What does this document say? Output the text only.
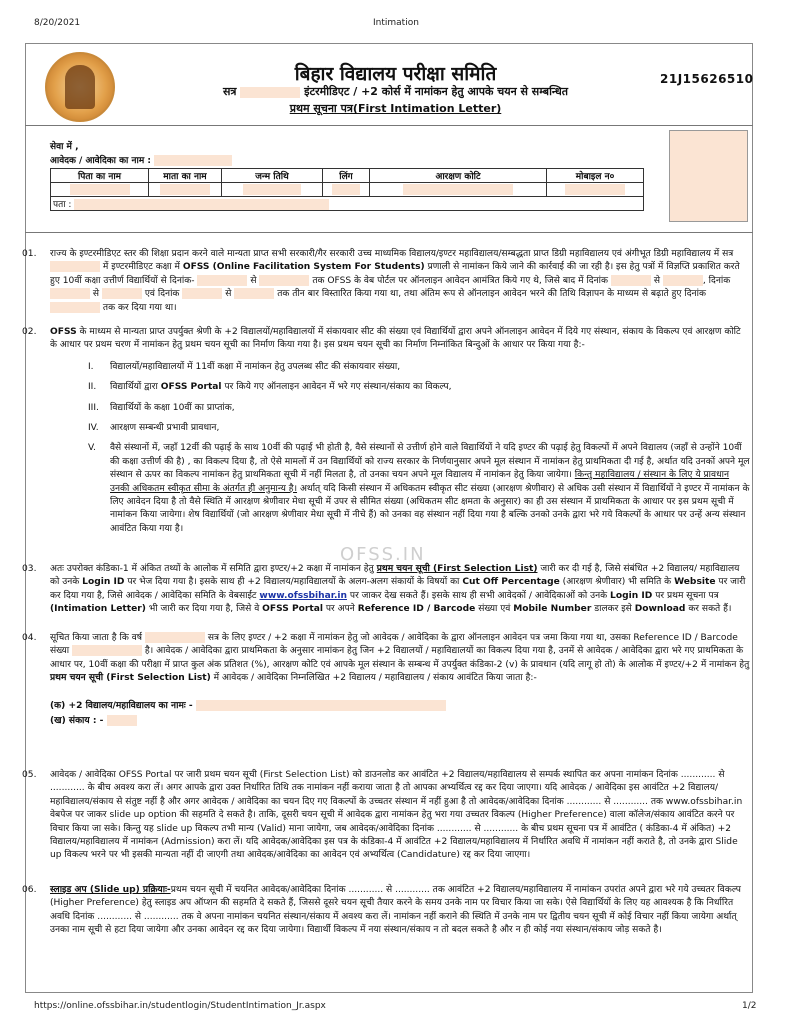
8/20/2021	Intimation
बिहार विद्यालय परीक्षा समिति
सत्र	इंटरमीडिएट / +2 कोर्स में नामांकन हेतु आपके चयन से सम्बन्धित
प्रथम सूचना पत्र(First Intimation Letter)
21J15626510
सेवा में ,
आवेदक / आवेदिका का नाम :
पिता का नाम	माता का नाम	जन्म तिथि	लिंग	आरक्षण कोटि	मोबाइल न०

पता :					
01. राज्य के इण्टरमीडिएट स्तर की शिक्षा प्रदान करने वाले मान्यता प्राप्त सभी सरकारी/गैर सरकारी उच्च माध्यमिक विद्यालय/इण्टर महाविद्यालय/सम्बद्धता प्राप्त डिग्री महाविद्यालय एवं अंगीभूत डिग्री महाविद्यालय में सत्र  में इण्टरमीडिएट कक्षा में OFSS (Online Facilitation System For Students) प्रणाली से नामांकन किये जाने की कार्रवाई की जा रही है। इस हेतु पत्रों में विज्ञप्ति प्रकाशित करते हुए 10वीं कक्षा उत्तीर्ण विद्यार्थियों से दिनांक-	से	तक OFSS के वेब पोर्टल पर ऑनलाइन आवेदन आमंत्रित किये गए थे, जिसे बाद में दिनांक	से	, दिनांक  से	एवं दिनांक	से	तक तीन बार विस्तारित किया गया था, तथा अंतिम रूप से ऑनलाइन आवेदन भरने की तिथि विज्ञापन के माध्यम से बढ़ाते हुए दिनांक  तक कर दिया गया था।
02. OFSS के माध्यम से मान्यता प्राप्त उपर्युक्त श्रेणी के +2 विद्यालयों/महाविद्यालयों में संकायवार सीट की संख्या एवं विद्यार्थियों द्वारा अपने ऑनलाइन आवेदन में दिये गए संस्थान, संकाय के विकल्प एवं आरक्षण कोटि के आधार पर प्रथम चरण में नामांकन हेतु प्रथम चयन सूची का निर्माण किया गया है। इस प्रथम चयन सूची का निर्माण निम्नांकित बिन्दुओं के आधार पर किया गया है:-
I. विद्यालयों/महाविद्यालयों में 11वीं कक्षा में नामांकन हेतु उपलब्ध सीट की संकायवार संख्या,
II. विद्यार्थियों द्वारा OFSS Portal पर किये गए ऑनलाइन आवेदन में भरे गए संस्थान/संकाय का विकल्प,
III. विद्यार्थियों के कक्षा 10वीं का प्राप्तांक,
IV. आरक्षण सम्बन्धी प्रभावी प्रावधान,
V. वैसे संस्थानों में, जहाँ 12वीं की पढ़ाई के साथ 10वीं की पढ़ाई भी होती है, वैसे संस्थानों से उत्तीर्ण होने वाले विद्यार्थियों ने यदि इण्टर की पढ़ाई हेतु विकल्पों में अपने विद्यालय (जहाँ से उन्होंने 10वीं की कक्षा उत्तीर्ण की है) , का विकल्प दिया है, तो ऐसे मामलों में उन विद्यार्थियों को राज्य सरकार के निर्णयानुसार अपने मूल संस्थान में नामांकन हेतु प्राथमिकता दी गई है, अर्थात यदि उनकों अपने मूल संस्थान से ऊपर का विकल्प नामांकन हेतु प्राथमिकता सूची में नहीं मिलता है, तो उनका चयन अपने मूल विद्यालय में नामांकन हेतु किया जायेगा। किन्तु महाविद्यालय / संस्थान के लिए ये प्रावधान उनकी अधिकतम स्वीकृत सीमा के अंतर्गत ही अनुमान्य है। अर्थात् यदि किसी संस्थान में अधिकतम स्वीकृत सीट संख्या (आरक्षण श्रेणीवार) से अधिक उसी संस्थान में विद्यार्थियों ने इण्टर में नामांकन के लिए आवेदन दिया है तो वैसे स्थिति में आरक्षण श्रेणीवार मेधा सूची में उपर से सीमित संख्या (अधिकतम सीट क्षमता के अनुसार) का ही उस संस्थान में प्राथमिकता के आधार पर इस प्रथम सूची में नामांकन किया जायेगा। शेष विद्यार्थियों (जो आरक्षण श्रेणीवार मेधा सूची में नीचे हैं) को उनका वह संस्थान नहीं दिया गया है बल्कि उनको उनके द्वारा भरे गये विकल्पों के आधार पर उन्हें अन्य संस्थान आवंटित किया गया है।
OFSS.IN
03. अतः उपरोक्त कंडिका-1 में अंकित तथ्यों के आलोक में समिति द्वारा इण्टर/+2 कक्षा में नामांकन हेतु प्रथम चयन सूची (First Selection List) जारी कर दी गई है, जिसे संबंधित +2 विद्यालय/ महाविद्यालय को उनके Login ID पर भेज दिया गया है। इसके साथ ही +2 विद्यालय/महाविद्यालयों के अलग-अलग संकायों के विषयों का Cut Off Percentage (आरक्षण श्रेणीवार) भी समिति के Website पर जारी कर दिया गया है, जिसे आवेदक / आवेदिका समिति के वेबसाईट www.ofssbihar.in पर जाकर देख सकते हैं। इसके साथ ही सभी आवेदकों / आवेदिकाओं को उनके Login ID पर प्रथम सूचना पत्र (Intimation Letter) भी जारी कर दिया गया है, जिसे वे OFSS Portal पर अपने Reference ID / Barcode संख्या एवं Mobile Number डालकर इसे Download कर सकते हैं।
04. सूचित किया जाता है कि वर्ष	सत्र के लिए इण्टर / +2 कक्षा में नामांकन हेतु जो आवेदक / आवेदिका के द्वारा ऑनलाइन आवेदन पत्र जमा किया गया था, उसका Reference ID / Barcode संख्या	है। आवेदक / आवेदिका द्वारा प्राथमिकता के अनुसार नामांकन हेतु जिन +2 विद्यालयों / महाविद्यालयों का विकल्प दिया गया है, उनमें से आवेदक / आवेदिका द्वारा भरे गए प्राथमिकता के आधार पर, 10वीं कक्षा की परीक्षा में प्राप्त कुल अंक प्रतिशत (%), आरक्षण कोटि एवं आपके मूल संस्थान के सम्बन्ध में उपर्युक्त कंडिका-2 (v) के प्रावधान (यदि लागू हो तो) के आलोक में इण्टर/+2 में नामांकन हेतु प्रथम चयन सूची (First Selection List) में आवेदक / आवेदिका निम्नलिखित +2 विद्यालय / महाविद्यालय / संकाय आवंटित किया जाता है:-
(क) +2 विद्यालय/महाविद्यालय का नामः -
(ख) संकाय : -
आवेदक / आवेदिका OFSS Portal पर जारी प्रथम चयन सूची (First Selection List) को डाउनलोड कर आवंटित +2 विद्यालय/महाविद्यालय से सम्पर्क स्थापित कर अपना नामांकन दिनांक ............ से ............ के बीच अवश्य करा लें। अगर आपके द्वारा उक्त निर्धारित तिथि तक नामांकन नहीं कराया जाता है तो आपका अभ्यर्थित्व रद्द कर दिया जाएगा। यदि आवेदक / आवेदिका इस आवंटित +2 विद्यालय/महाविद्यालय/संकाय से संतुष्ट नहीं है और अगर आवेदक / आवेदिका का चयन दिए गए विकल्पों के उच्चतर संस्थान में नहीं हुआ है तो आवेदक/आवेदिका दिनांक ............ से ............ तक www.ofssbihar.in वेबपेज पर जाकर slide up option की सहमति दे सकते है। ताकि, दूसरी चयन सूची में आवेदक द्वारा नामांकन हेतु भरा गया उच्चतर विकल्प (Higher Preference) वाला कॉलेज/संकाय आवंटित करने पर विचार किया जा सके। किन्तु यह slide up विकल्प तभी मान्य (Valid) माना जायेगा, जब आवेदक/आवेदिका दिनांक ............ से ............ के बीच प्रथम सूचना पत्र में आवंटित ( कंडिका-4 में अंकित) +2 विद्यालय/महाविद्यालय में नामांकन (Admission) करा लें। यदि आवेदक/आवेदिका इस पत्र के कंडिका-4 में आवंटित +2 विद्यालय/महाविद्यालय में निर्धारित अवधि में नामांकन नहीं कराते है, तो उनके द्वारा Slide up विकल्प भरने पर भी इसकी मान्यता नहीं दी जाएगी तथा आवेदक/आवेदिका का आवेदन एवं अभ्यर्थित्व (Candidature) रद्द कर दिया जाएगा।
05.
06. स्लाइड अप (Slide up) प्रक्रियाः-प्रथम चयन सूची में चयनित आवेदक/आवेदिका दिनांक ............ से ............ तक आवंटित +2 विद्यालय/महाविद्यालय में नामांकन उपरांत अपने द्वारा भरे गये उच्चतर विकल्प (Higher Preference) हेतु स्लाइड अप ऑप्शन की सहमति दे सकते हैं, जिससे दूसरे चयन सूची तैयार करने के समय उनके नाम पर विचार किया जा सके। ऐसे विद्यार्थियों के लिए यह आवश्यक है कि निर्धारित अवधि दिनांक ............ से ............ तक वे अपना नामांकन चयनित संस्थान/संकाय में अवश्य करा लें। नामांकन नहीं कराने की स्थिति में उनके नाम पर द्वितीय चयन सूची में कोई विचार नहीं किया जायेगा अर्थात् उनका नाम सूची से हटा दिया जायेगा और उनका आवेदन रद्द कर दिया जायेगा। विद्यार्थी विकल्प में नया संस्थान/संकाय न तो बदल सकते है और न ही कोई नया संस्थान/संकाय जोड़ सकते है।
https://online.ofssbihar.in/studentlogin/StudentIntimation_Jr.aspx	1/2
